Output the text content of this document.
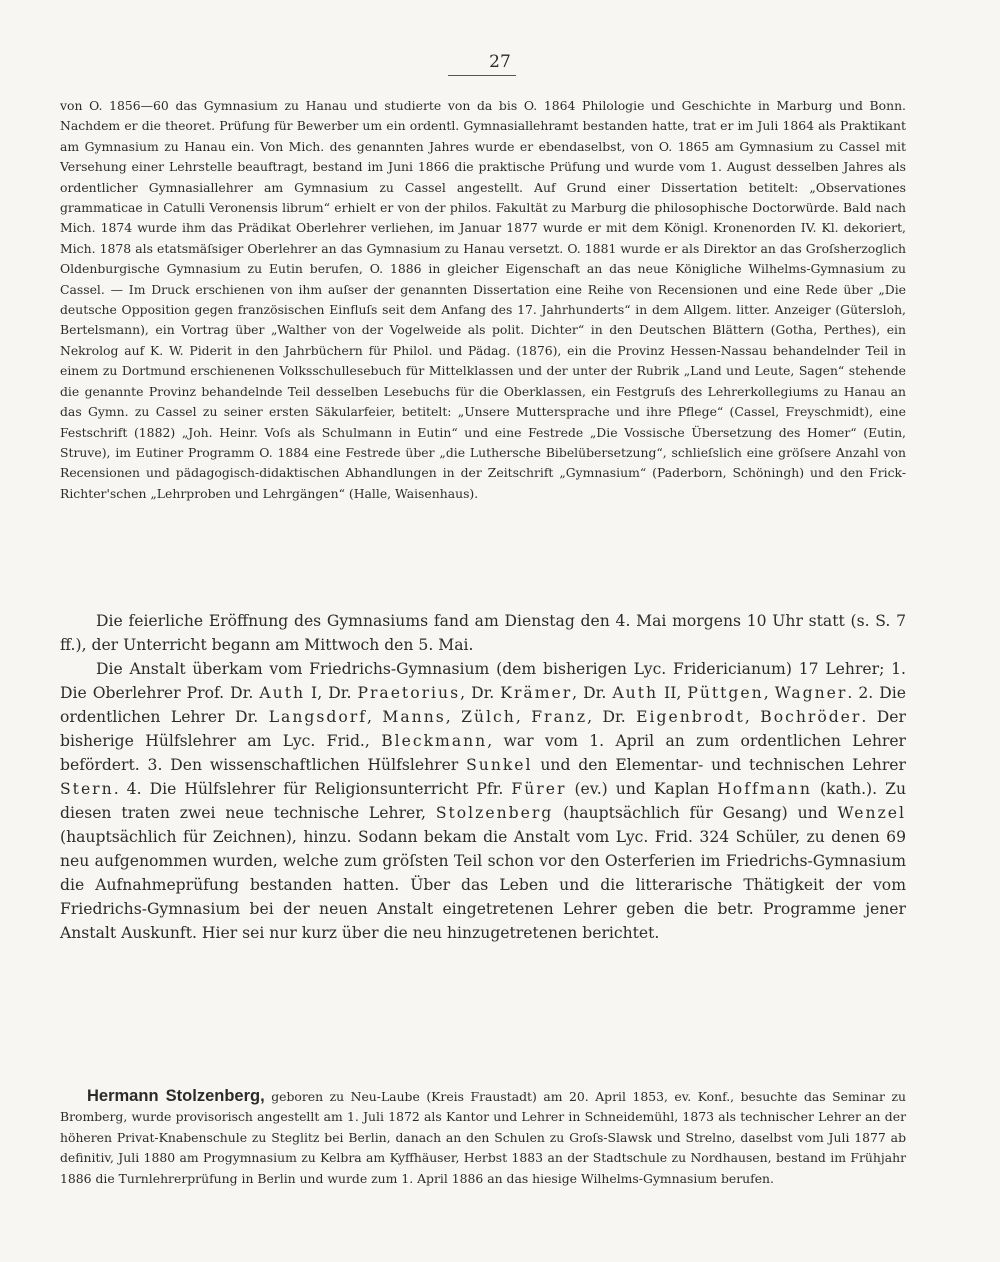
27

von O. 1856—60 das Gymnasium zu Hanau und studierte von da bis O. 1864 Philologie und Geschichte in Marburg und Bonn. Nachdem er die theoret. Prüfung für Bewerber um ein ordentl. Gymnasiallehramt bestanden hatte, trat er im Juli 1864 als Praktikant am Gymnasium zu Hanau ein. Von Mich. des genannten Jahres wurde er ebendaselbst, von O. 1865 am Gymnasium zu Cassel mit Versehung einer Lehrstelle beauftragt, bestand im Juni 1866 die praktische Prüfung und wurde vom 1. August desselben Jahres als ordentlicher Gymnasiallehrer am Gymnasium zu Cassel angestellt. Auf Grund einer Dissertation betitelt: „Observationes grammaticae in Catulli Veronensis librum“ erhielt er von der philos. Fakultät zu Marburg die philosophische Doctorwürde. Bald nach Mich. 1874 wurde ihm das Prädikat Oberlehrer verliehen, im Januar 1877 wurde er mit dem Königl. Kronenorden IV. Kl. dekoriert, Mich. 1878 als etatsmäſsiger Oberlehrer an das Gymnasium zu Hanau versetzt. O. 1881 wurde er als Direktor an das Groſsherzoglich Oldenburgische Gymnasium zu Eutin berufen, O. 1886 in gleicher Eigenschaft an das neue Königliche Wilhelms-Gymnasium zu Cassel. — Im Druck erschienen von ihm auſser der genannten Dissertation eine Reihe von Recensionen und eine Rede über „Die deutsche Opposition gegen französischen Einfluſs seit dem Anfang des 17. Jahrhunderts“ in dem Allgem. litter. Anzeiger (Gütersloh, Bertelsmann), ein Vortrag über „Walther von der Vogelweide als polit. Dichter“ in den Deutschen Blättern (Gotha, Perthes), ein Nekrolog auf K. W. Piderit in den Jahrbüchern für Philol. und Pädag. (1876), ein die Provinz Hessen-Nassau behandelnder Teil in einem zu Dortmund erschienenen Volksschullesebuch für Mittelklassen und der unter der Rubrik „Land und Leute, Sagen“ stehende die genannte Provinz behandelnde Teil desselben Lesebuchs für die Oberklassen, ein Festgruſs des Lehrerkollegiums zu Hanau an das Gymn. zu Cassel zu seiner ersten Säkularfeier, betitelt: „Unsere Muttersprache und ihre Pflege“ (Cassel, Freyschmidt), eine Festschrift (1882) „Joh. Heinr. Voſs als Schulmann in Eutin“ und eine Festrede „Die Vossische Übersetzung des Homer“ (Eutin, Struve), im Eutiner Programm O. 1884 eine Festrede über „die Luthersche Bibelübersetzung“, schlieſslich eine gröſsere Anzahl von Recensionen und pädagogisch-didaktischen Abhandlungen in der Zeitschrift „Gymnasium“ (Paderborn, Schöningh) und den Frick-Richter'schen „Lehrproben und Lehrgängen“ (Halle, Waisenhaus).

Die feierliche Eröffnung des Gymnasiums fand am Dienstag den 4. Mai morgens 10 Uhr statt (s. S. 7 ff.), der Unterricht begann am Mittwoch den 5. Mai.

Die Anstalt überkam vom Friedrichs-Gymnasium (dem bisherigen Lyc. Fridericianum) 17 Lehrer; 1. Die Oberlehrer Prof. Dr. Auth I, Dr. Praetorius, Dr. Krämer, Dr. Auth II, Püttgen, Wagner. 2. Die ordentlichen Lehrer Dr. Langsdorf, Manns, Zülch, Franz, Dr. Eigenbrodt, Bochröder. Der bisherige Hülfslehrer am Lyc. Frid., Bleckmann, war vom 1. April an zum ordentlichen Lehrer befördert. 3. Den wissenschaftlichen Hülfslehrer Sunkel und den Elementar- und technischen Lehrer Stern. 4. Die Hülfslehrer für Religionsunterricht Pfr. Fürer (ev.) und Kaplan Hoffmann (kath.). Zu diesen traten zwei neue technische Lehrer, Stolzenberg (hauptsächlich für Gesang) und Wenzel (hauptsächlich für Zeichnen), hinzu. Sodann bekam die Anstalt vom Lyc. Frid. 324 Schüler, zu denen 69 neu aufgenommen wurden, welche zum gröſsten Teil schon vor den Osterferien im Friedrichs-Gymnasium die Aufnahmeprüfung bestanden hatten. Über das Leben und die litterarische Thätigkeit der vom Friedrichs-Gymnasium bei der neuen Anstalt eingetretenen Lehrer geben die betr. Programme jener Anstalt Auskunft. Hier sei nur kurz über die neu hinzugetretenen berichtet.

Hermann Stolzenberg, geboren zu Neu-Laube (Kreis Fraustadt) am 20. April 1853, ev. Konf., besuchte das Seminar zu Bromberg, wurde provisorisch angestellt am 1. Juli 1872 als Kantor und Lehrer in Schneidemühl, 1873 als technischer Lehrer an der höheren Privat-Knabenschule zu Steglitz bei Berlin, danach an den Schulen zu Groſs-Slawsk und Strelno, daselbst vom Juli 1877 ab definitiv, Juli 1880 am Progymnasium zu Kelbra am Kyffhäuser, Herbst 1883 an der Stadtschule zu Nordhausen, bestand im Frühjahr 1886 die Turnlehrerprüfung in Berlin und wurde zum 1. April 1886 an das hiesige Wilhelms-Gymnasium berufen.
